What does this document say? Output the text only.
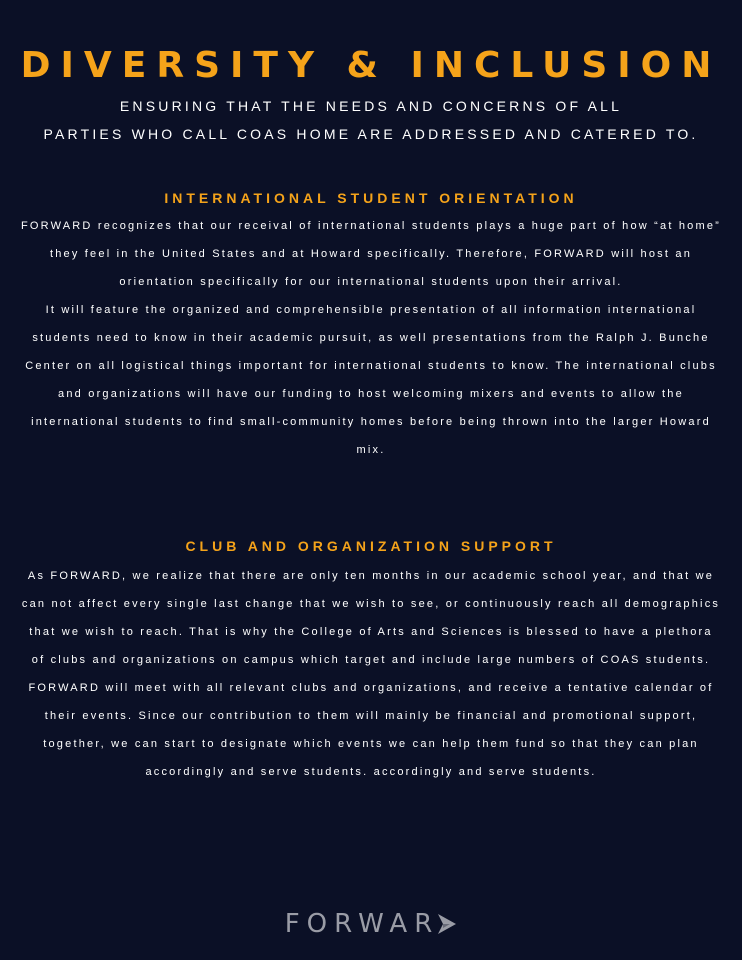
DIVERSITY & INCLUSION
ENSURING THAT THE NEEDS AND CONCERNS OF ALL
PARTIES WHO CALL COAS HOME ARE ADDRESSED AND CATERED TO.
INTERNATIONAL STUDENT ORIENTATION

FORWARD recognizes that our receival of international students plays a huge part of how “at home” they feel in the United States and at Howard specifically. Therefore, FORWARD will host an orientation specifically for our international students upon their arrival.

It will feature the organized and comprehensible presentation of all information international students need to know in their academic pursuit, as well presentations from the Ralph J. Bunche Center on all logistical things important for international students to know. The international clubs and organizations will have our funding to host welcoming mixers and events to allow the international students to find small-community homes before being thrown into the larger Howard mix.

CLUB AND ORGANIZATION SUPPORT

As FORWARD, we realize that there are only ten months in our academic school year, and that we can not affect every single last change that we wish to see, or continuously reach all demographics that we wish to reach. That is why the College of Arts and Sciences is blessed to have a plethora of clubs and organizations on campus which target and include large numbers of COAS students. FORWARD will meet with all relevant clubs and organizations, and receive a tentative calendar of their events. Since our contribution to them will mainly be financial and promotional support, together, we can start to designate which events we can help them fund so that they can plan accordingly and serve students. accordingly and serve students.

FORWAR
